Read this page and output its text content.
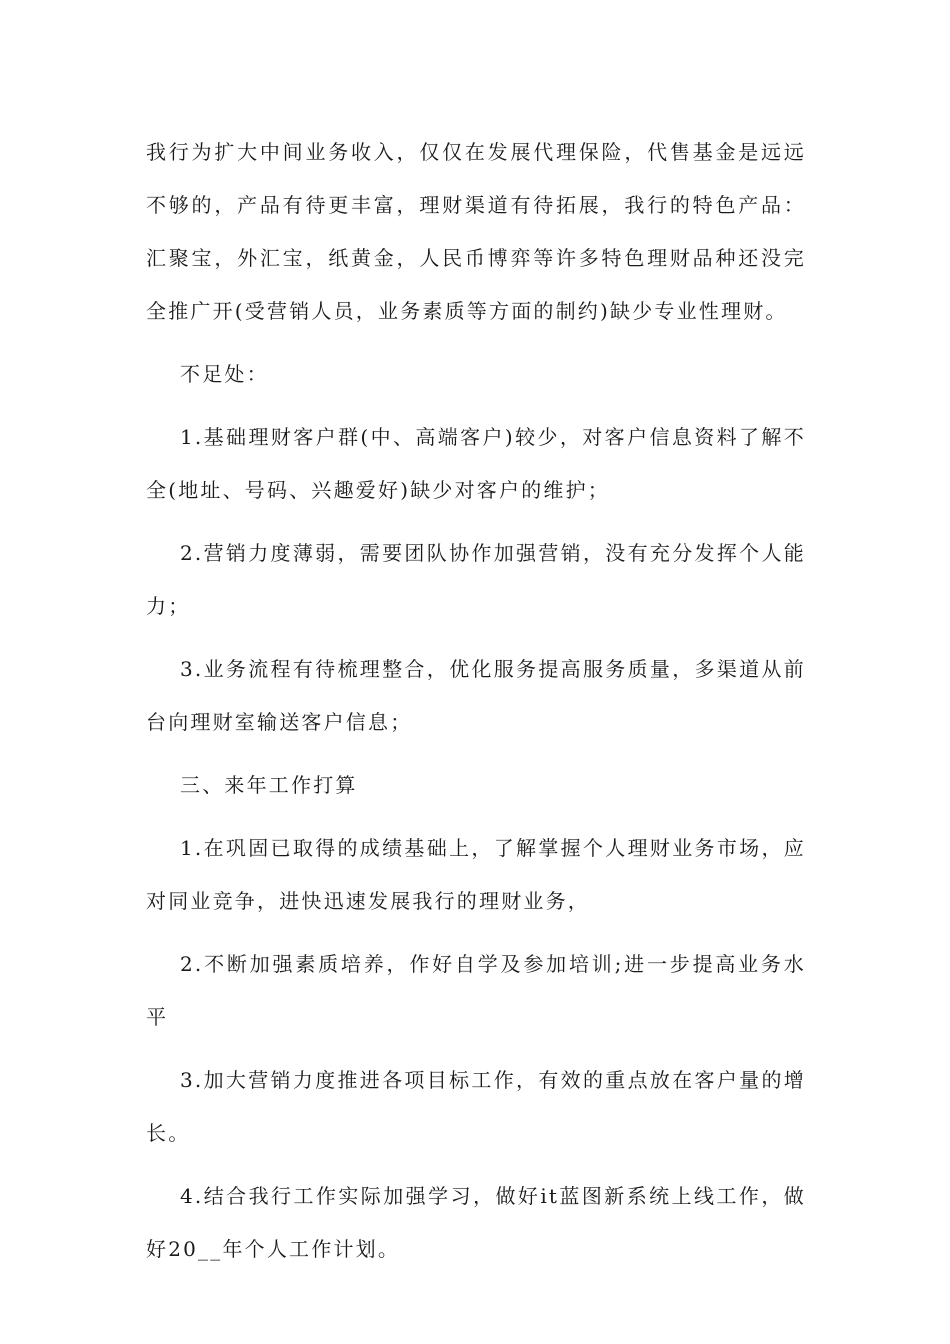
我行为扩大中间业务收入，仅仅在发展代理保险，代售基金是远远不够的，产品有待更丰富，理财渠道有待拓展，我行的特色产品：汇聚宝，外汇宝，纸黄金，人民币博弈等许多特色理财品种还没完全推广开(受营销人员，业务素质等方面的制约)缺少专业性理财。

不足处：

1.基础理财客户群(中、高端客户)较少，对客户信息资料了解不全(地址、号码、兴趣爱好)缺少对客户的维护；

2.营销力度薄弱，需要团队协作加强营销，没有充分发挥个人能力；

3.业务流程有待梳理整合，优化服务提高服务质量，多渠道从前台向理财室输送客户信息；

三、来年工作打算

1.在巩固已取得的成绩基础上，了解掌握个人理财业务市场，应对同业竞争，进快迅速发展我行的理财业务，

2.不断加强素质培养，作好自学及参加培训;进一步提高业务水平

3.加大营销力度推进各项目标工作，有效的重点放在客户量的增长。

4.结合我行工作实际加强学习，做好it蓝图新系统上线工作，做好20__年个人工作计划。
